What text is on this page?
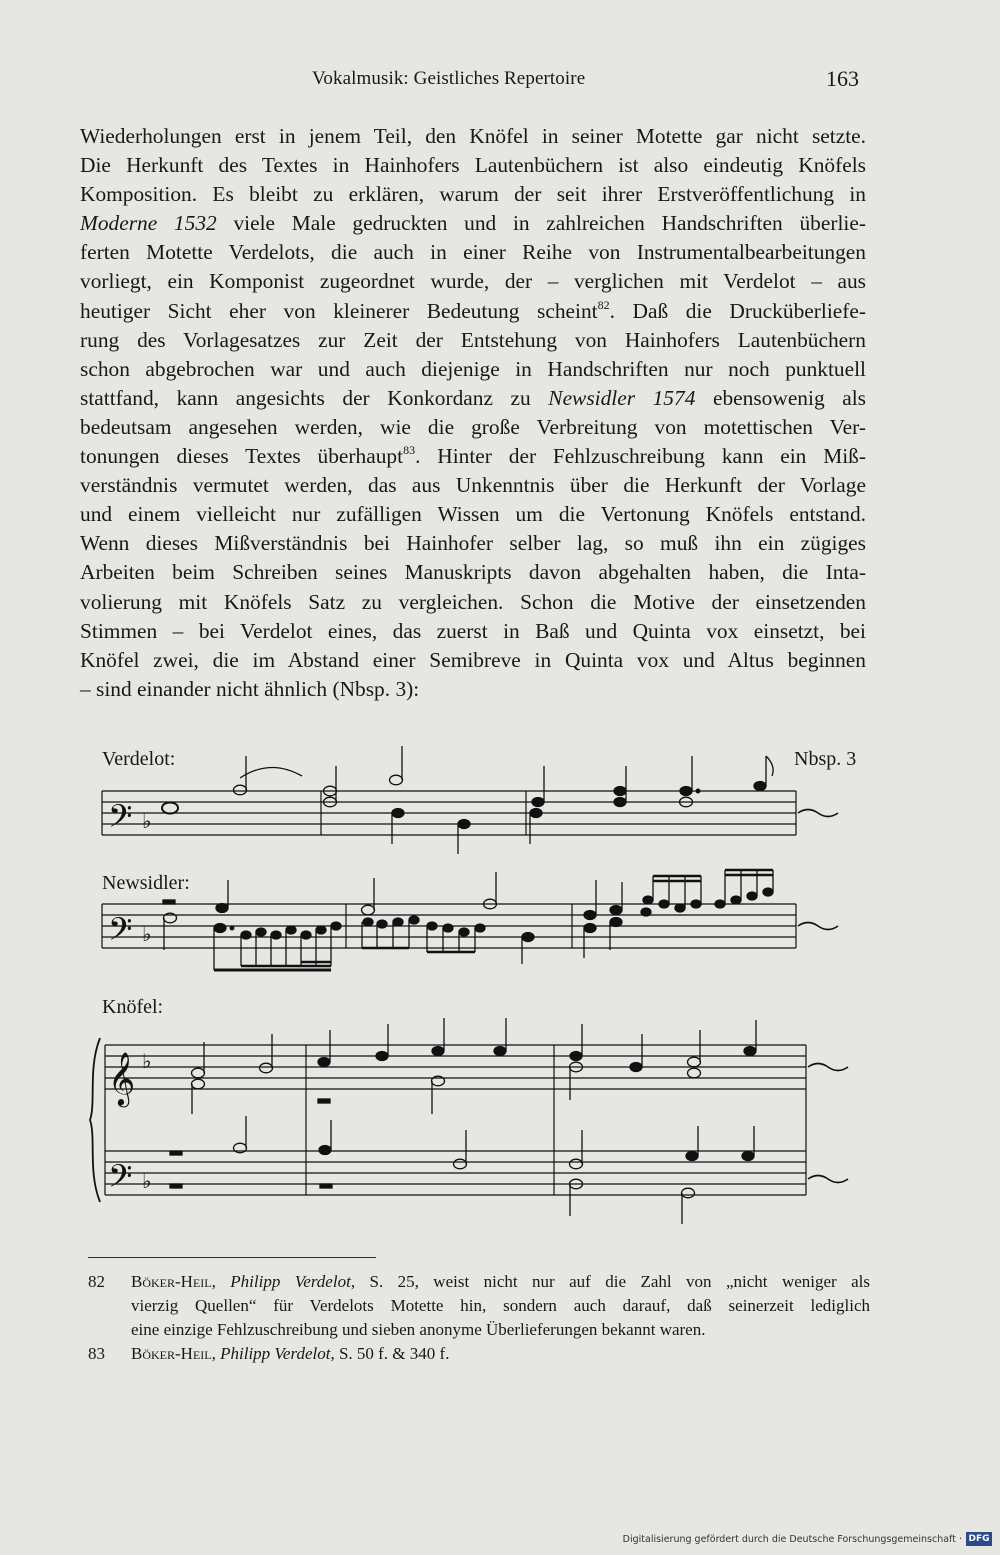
Vokalmusik: Geistliches Repertoire	163
Wiederholungen erst in jenem Teil, den Knöfel in seiner Motette gar nicht setzte.
Die Herkunft des Textes in Hainhofers Lautenbüchern ist also eindeutig Knöfels
Komposition. Es bleibt zu erklären, warum der seit ihrer Erstveröffentlichung in
Moderne 1532 viele Male gedruckten und in zahlreichen Handschriften überlie-
ferten Motette Verdelots, die auch in einer Reihe von Instrumentalbearbeitungen
vorliegt, ein Komponist zugeordnet wurde, der – verglichen mit Verdelot – aus
heutiger Sicht eher von kleinerer Bedeutung scheint$^{82}$. Daß die Drucküberliefe-
rung des Vorlagesatzes zur Zeit der Entstehung von Hainhofers Lautenbüchern
schon abgebrochen war und auch diejenige in Handschriften nur noch punktuell
stattfand, kann angesichts der Konkordanz zu Newsidler 1574 ebensowenig als
bedeutsam angesehen werden, wie die große Verbreitung von motettischen Ver-
tonungen dieses Textes überhaupt$^{83}$. Hinter der Fehlzuschreibung kann ein Miß-
verständnis vermutet werden, das aus Unkenntnis über die Herkunft der Vorlage
und einem vielleicht nur zufälligen Wissen um die Vertonung Knöfels entstand.
Wenn dieses Mißverständnis bei Hainhofer selber lag, so muß ihn ein zügiges
Arbeiten beim Schreiben seines Manuskripts davon abgehalten haben, die Inta-
volierung mit Knöfels Satz zu vergleichen. Schon die Motive der einsetzenden
Stimmen – bei Verdelot eines, das zuerst in Baß und Quinta vox einsetzt, bei
Knöfel zwei, die im Abstand einer Semibreve in Quinta vox und Altus beginnen
– sind einander nicht ähnlich (Nbsp. 3):
Verdelot:	Nbsp. 3
Newsidler:
Knöfel:
𝄢 ♭
𝄢 ♭
𝄞 ♭
𝄢 ♭
82 Böker-Heil, Philipp Verdelot, S. 25, weist nicht nur auf die Zahl von „nicht weniger als
vierzig Quellen“ für Verdelots Motette hin, sondern auch darauf, daß seinerzeit lediglich
eine einzige Fehlzuschreibung und sieben anonyme Überlieferungen bekannt waren.
83 Böker-Heil, Philipp Verdelot, S. 50 f. & 340 f.
Digitalisierung gefördert durch die Deutsche Forschungsgemeinschaft · DFG
